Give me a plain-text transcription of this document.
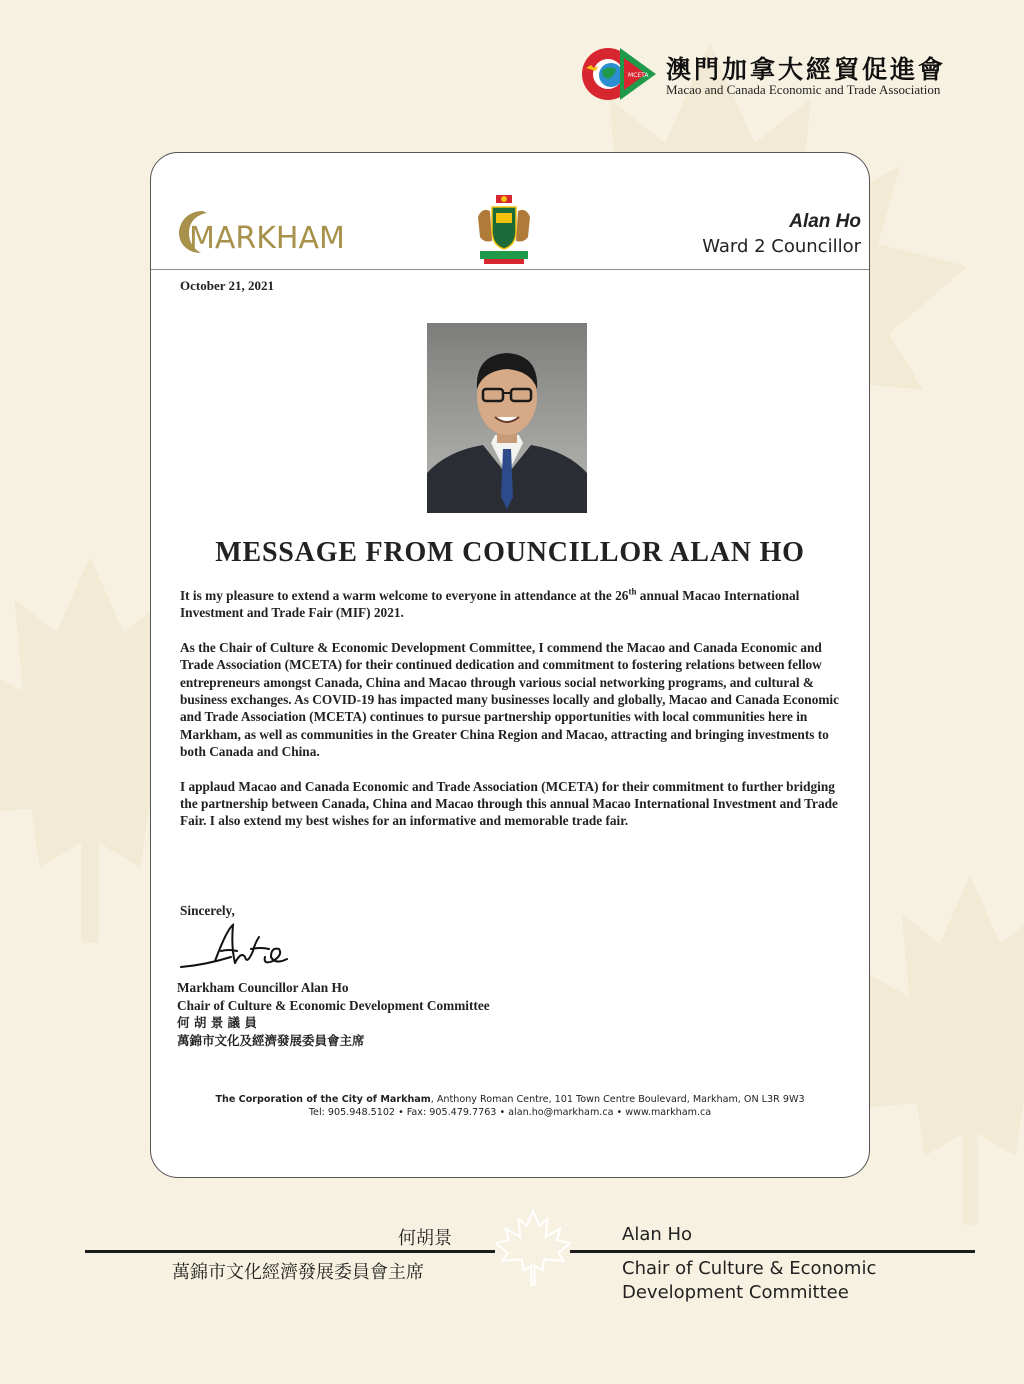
MCETA 澳門加拿大經貿促進會
Macao and Canada Economic and Trade Association
MARKHAM	Alan Ho
Ward 2 Councillor
October 21, 2021
MESSAGE FROM COUNCILLOR ALAN HO

It is my pleasure to extend a warm welcome to everyone in attendance at the 26th annual Macao International Investment and Trade Fair (MIF) 2021.

As the Chair of Culture & Economic Development Committee, I commend the Macao and Canada Economic and Trade Association (MCETA) for their continued dedication and commitment to fostering relations between fellow entrepreneurs amongst Canada, China and Macao through various social networking programs, and cultural & business exchanges. As COVID-19 has impacted many businesses locally and globally, Macao and Canada Economic and Trade Association (MCETA) continues to pursue partnership opportunities with local communities here in Markham, as well as communities in the Greater China Region and Macao, attracting and bringing investments to both Canada and China.

I applaud Macao and Canada Economic and Trade Association (MCETA) for their commitment to further bridging the partnership between Canada, China and Macao through this annual Macao International Investment and Trade Fair. I also extend my best wishes for an informative and memorable trade fair.

Sincerely,
Markham Councillor Alan Ho
Chair of Culture & Economic Development Committee
何 胡 景 議 員
萬錦市文化及經濟發展委員會主席
The Corporation of the City of Markham, Anthony Roman Centre, 101 Town Centre Boulevard, Markham, ON L3R 9W3
Tel: 905.948.5102 • Fax: 905.479.7763 • alan.ho@markham.ca • www.markham.ca
何胡景
萬錦市文化經濟發展委員會主席
Alan Ho
Chair of Culture & Economic
Development Committee
